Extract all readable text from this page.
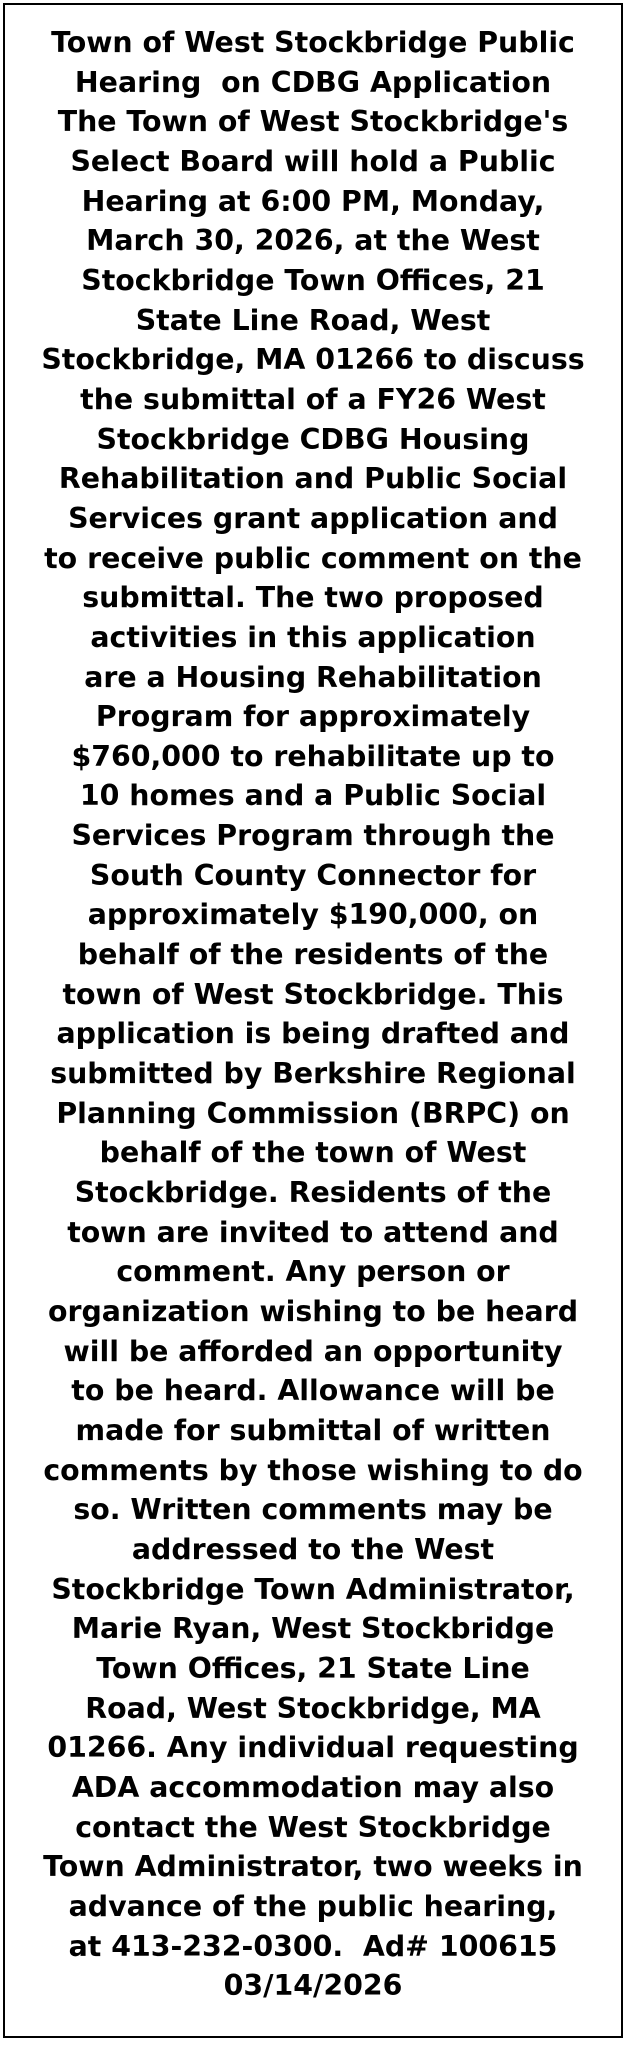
Town of West Stockbridge Public
Hearing  on CDBG Application
The Town of West Stockbridge's
Select Board will hold a Public
Hearing at 6:00 PM, Monday,
March 30, 2026, at the West
Stockbridge Town Offices, 21
State Line Road, West
Stockbridge, MA 01266 to discuss
the submittal of a FY26 West
Stockbridge CDBG Housing
Rehabilitation and Public Social
Services grant application and
to receive public comment on the
submittal. The two proposed
activities in this application
are a Housing Rehabilitation
Program for approximately
$760,000 to rehabilitate up to
10 homes and a Public Social
Services Program through the
South County Connector for
approximately $190,000, on
behalf of the residents of the
town of West Stockbridge. This
application is being drafted and
submitted by Berkshire Regional
Planning Commission (BRPC) on
behalf of the town of West
Stockbridge. Residents of the
town are invited to attend and
comment. Any person or
organization wishing to be heard
will be afforded an opportunity
to be heard. Allowance will be
made for submittal of written
comments by those wishing to do
so. Written comments may be
addressed to the West
Stockbridge Town Administrator,
Marie Ryan, West Stockbridge
Town Offices, 21 State Line
Road, West Stockbridge, MA
01266. Any individual requesting
ADA accommodation may also
contact the West Stockbridge
Town Administrator, two weeks in
advance of the public hearing,
at 413-232-0300.  Ad# 100615
03/14/2026
